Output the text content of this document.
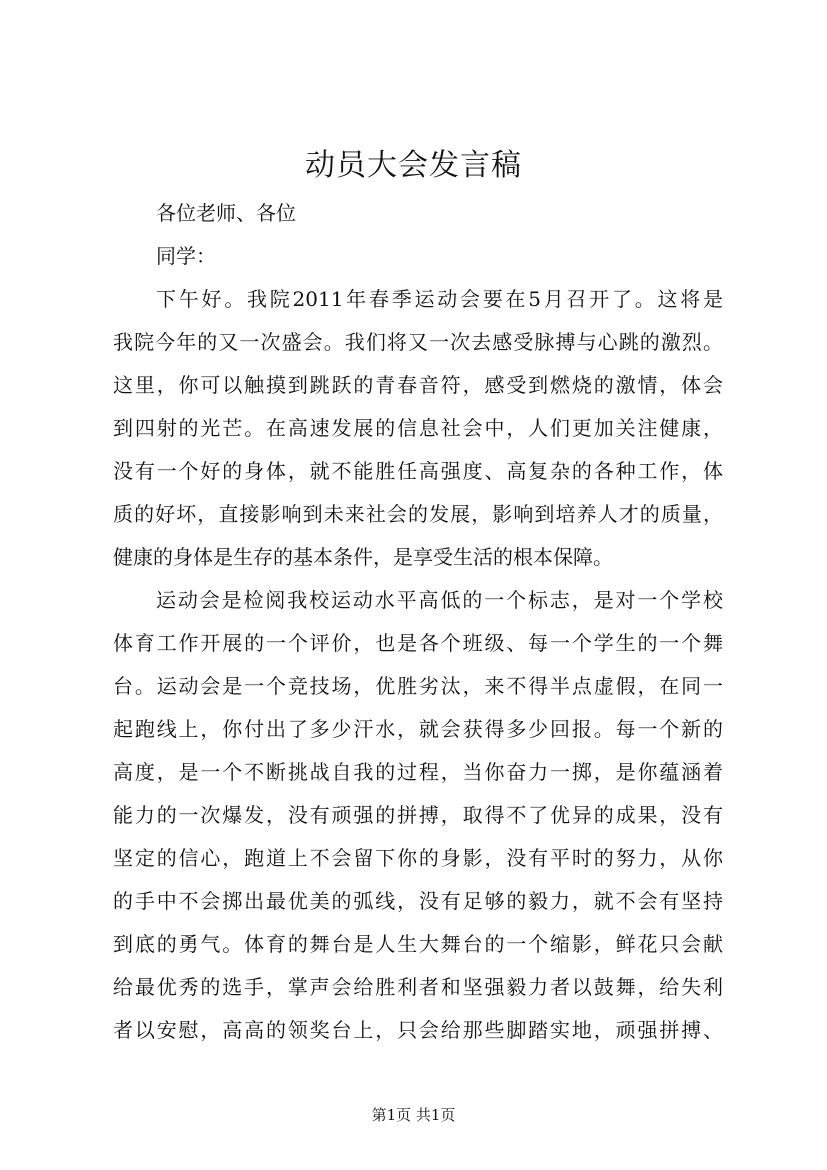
动员大会发言稿
各位老师、各位
同学：
下午好。我院2011年春季运动会要在5月召开了。这将是
我院今年的又一次盛会。我们将又一次去感受脉搏与心跳的激烈。
这里，你可以触摸到跳跃的青春音符，感受到燃烧的激情，体会
到四射的光芒。在高速发展的信息社会中，人们更加关注健康，
没有一个好的身体，就不能胜任高强度、高复杂的各种工作，体
质的好坏，直接影响到未来社会的发展，影响到培养人才的质量，
健康的身体是生存的基本条件，是享受生活的根本保障。
运动会是检阅我校运动水平高低的一个标志，是对一个学校
体育工作开展的一个评价，也是各个班级、每一个学生的一个舞
台。运动会是一个竞技场，优胜劣汰，来不得半点虚假，在同一
起跑线上，你付出了多少汗水，就会获得多少回报。每一个新的
高度，是一个不断挑战自我的过程，当你奋力一掷，是你蕴涵着
能力的一次爆发，没有顽强的拼搏，取得不了优异的成果，没有
坚定的信心，跑道上不会留下你的身影，没有平时的努力，从你
的手中不会掷出最优美的弧线，没有足够的毅力，就不会有坚持
到底的勇气。体育的舞台是人生大舞台的一个缩影，鲜花只会献
给最优秀的选手，掌声会给胜利者和坚强毅力者以鼓舞，给失利
者以安慰，高高的领奖台上，只会给那些脚踏实地，顽强拼搏、
第1页 共1页
